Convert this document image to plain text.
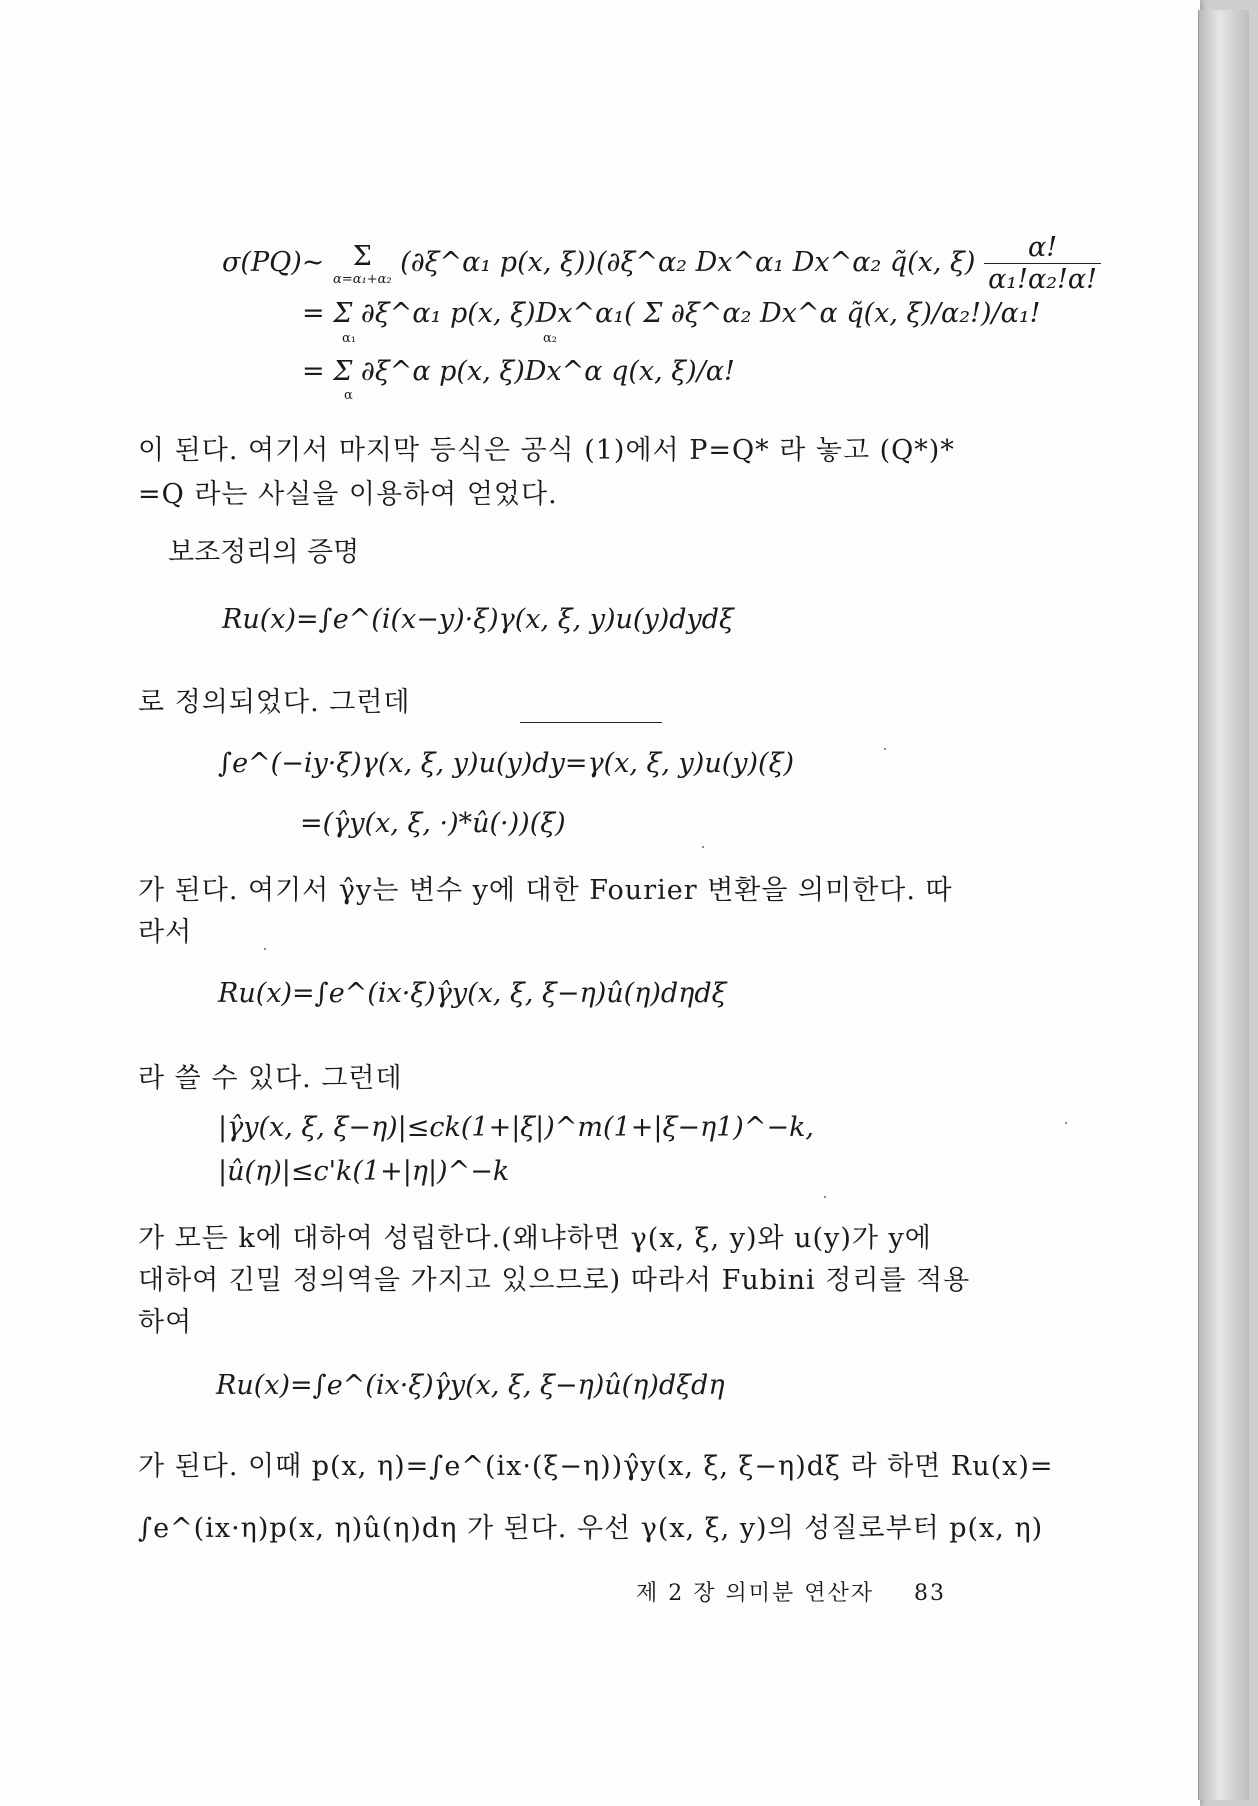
σ(PQ)~ Σ
α=α₁+α₂
(∂ξ^α₁ p(x, ξ))(∂ξ^α₂ Dx^α₁ Dx^α₂ q̃(x, $\xi) \frac{\alpha!}{\text{α₁!α₂!α!}}$
= Σ ∂ξ^α₁ p(x, ξ)Dx^α₁( Σ ∂ξ^α₂ Dx^α q̃(x, ξ)/α₂!)/α₁!
α₁	α₂
= Σ ∂ξ^α p(x, ξ)Dx^α q(x, ξ)/α!
α
이 된다. 여기서 마지막 등식은 공식 (1)에서 P=Q* 라 놓고 (Q*)*
=Q 라는 사실을 이용하여 얻었다.
보조정리의 증명
Ru(x)=∫e^(i(x−y)·ξ)γ(x, ξ, y)u(y)dydξ
로 정의되었다. 그런데
∫e^(−iy·ξ)γ(x, ξ, y)u(y)dy=γ(x, ξ, y)u(y)(ξ)
=(γ̂y(x, ξ, ·)*û(·))(ξ)
가 된다. 여기서 γ̂y는 변수 y에 대한 Fourier 변환을 의미한다. 따
라서
Ru(x)=∫e^(ix·ξ)γ̂y(x, ξ, ξ−η)û(η)dηdξ
라 쓸 수 있다. 그런데
|γ̂y(x, ξ, ξ−η)|≤ck(1+|ξ|)^m(1+|ξ−η1)^−k,
|û(η)|≤c'k(1+|η|)^−k
가 모든 k에 대하여 성립한다.(왜냐하면 γ(x, ξ, y)와 u(y)가 y에
대하여 긴밀 정의역을 가지고 있으므로) 따라서 Fubini 정리를 적용
하여
Ru(x)=∫e^(ix·ξ)γ̂y(x, ξ, ξ−η)û(η)dξdη
가 된다. 이때 p(x, η)=∫e^(ix·(ξ−η))γ̂y(x, ξ, ξ−η)dξ 라 하면 Ru(x)=
∫e^(ix·η)p(x, η)û(η)dη 가 된다. 우선 γ(x, ξ, y)의 성질로부터 p(x, η)
제 2 장 의미분 연산자 83
